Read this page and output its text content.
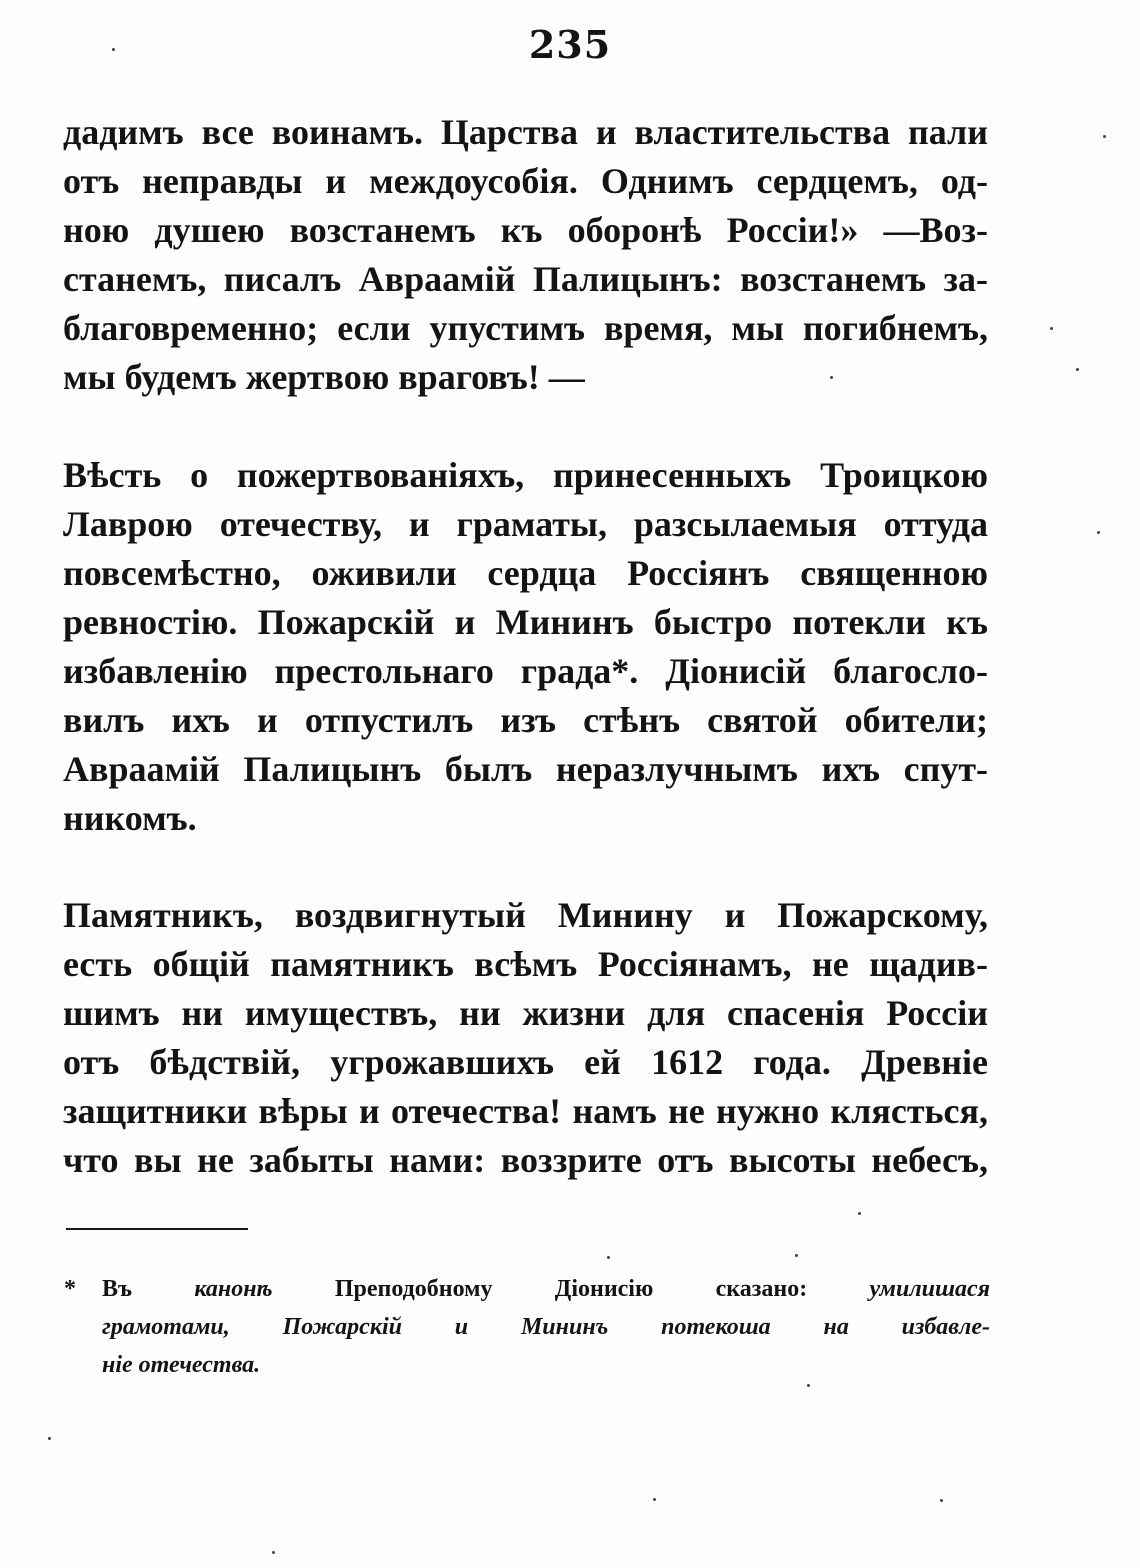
235
дадимъ все воинамъ. Царства и властительства пали
отъ неправды и междоусобія. Однимъ сердцемъ, од-
ною душею возстанемъ къ оборонѣ Россіи!» —Воз-
станемъ, писалъ Авраамій Палицынъ: возстанемъ за-
благовременно; если упустимъ время, мы погибнемъ,
мы будемъ жертвою враговъ! —
Вѣсть о пожертвованіяхъ, принесенныхъ Троицкою
Лаврою отечеству, и граматы, разсылаемыя оттуда
повсемѣстно, оживили сердца Россіянъ священною
ревностію. Пожарскій и Мининъ быстро потекли къ
избавленію престольнаго града*. Діонисій благосло-
вилъ ихъ и отпустилъ изъ стѣнъ святой обители;
Авраамій Палицынъ былъ неразлучнымъ ихъ спут-
никомъ.
Памятникъ, воздвигнутый Минину и Пожарскому,
есть общій памятникъ всѣмъ Россіянамъ, не щадив-
шимъ ни имуществъ, ни жизни для спасенія Россіи
отъ бѣдствій, угрожавшихъ ей 1612 года. Древніе
защитники вѣры и отечества! намъ не нужно клясться,
что вы не забыты нами: воззрите отъ высоты небесъ,
* Въ канонѣ Преподобному Діонисію сказано: умилишася
грамотами, Пожарскій и Мининъ потекоша на избавле-
ніе отечества.
